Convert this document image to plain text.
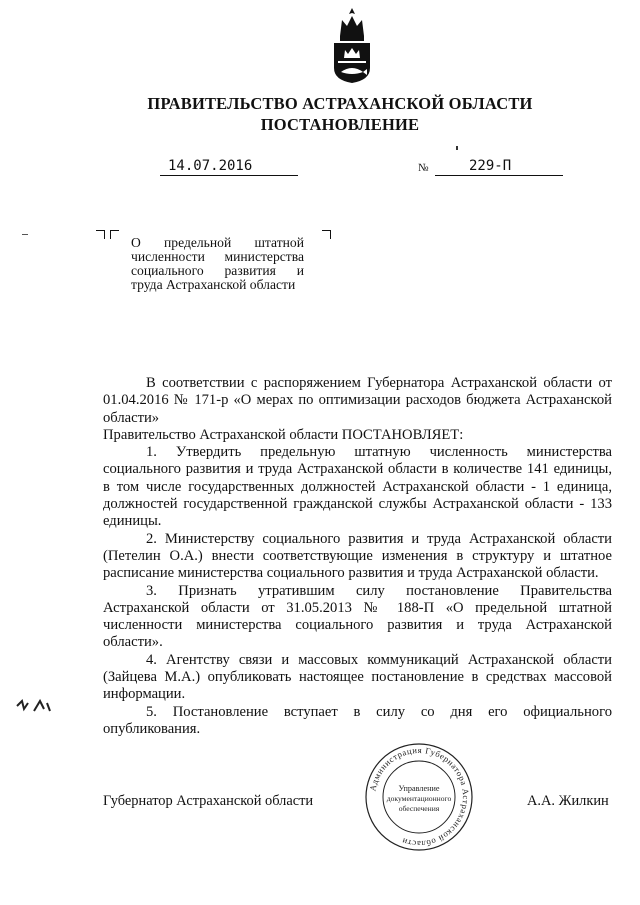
ПРАВИТЕЛЬСТВО АСТРАХАНСКОЙ ОБЛАСТИ
ПОСТАНОВЛЕНИЕ
14.07.2016	№	229-П
О предельной штатной численности министерства социального развития и труда Астраханской области

В соответствии с распоряжением Губернатора Астраханской области от 01.04.2016 № 171-р «О мерах по оптимизации расходов бюджета Астраханской области»

Правительство Астраханской области ПОСТАНОВЛЯЕТ:

1. Утвердить предельную штатную численность министерства социального развития и труда Астраханской области в количестве 141 единицы, в том числе государственных должностей Астраханской области - 1 единица, должностей государственной гражданской службы Астраханской области - 133 единицы.

2. Министерству социального развития и труда Астраханской области (Петелин О.А.) внести соответствующие изменения в структуру и штатное расписание министерства социального развития и труда Астраханской области.

3. Признать утратившим силу постановление Правительства Астраханской области от 31.05.2013 № 188-П «О предельной штатной численности министерства социального развития и труда Астраханской области».

4. Агентству связи и массовых коммуникаций Астраханской области (Зайцева М.А.) опубликовать настоящее постановление в средствах массовой информации.

5. Постановление вступает в силу со дня его официального опубликования.

Администрация Губернатора Астраханской области
Управление
документационного
обеспечения
Губернатор Астраханской области	А.А. Жилкин
